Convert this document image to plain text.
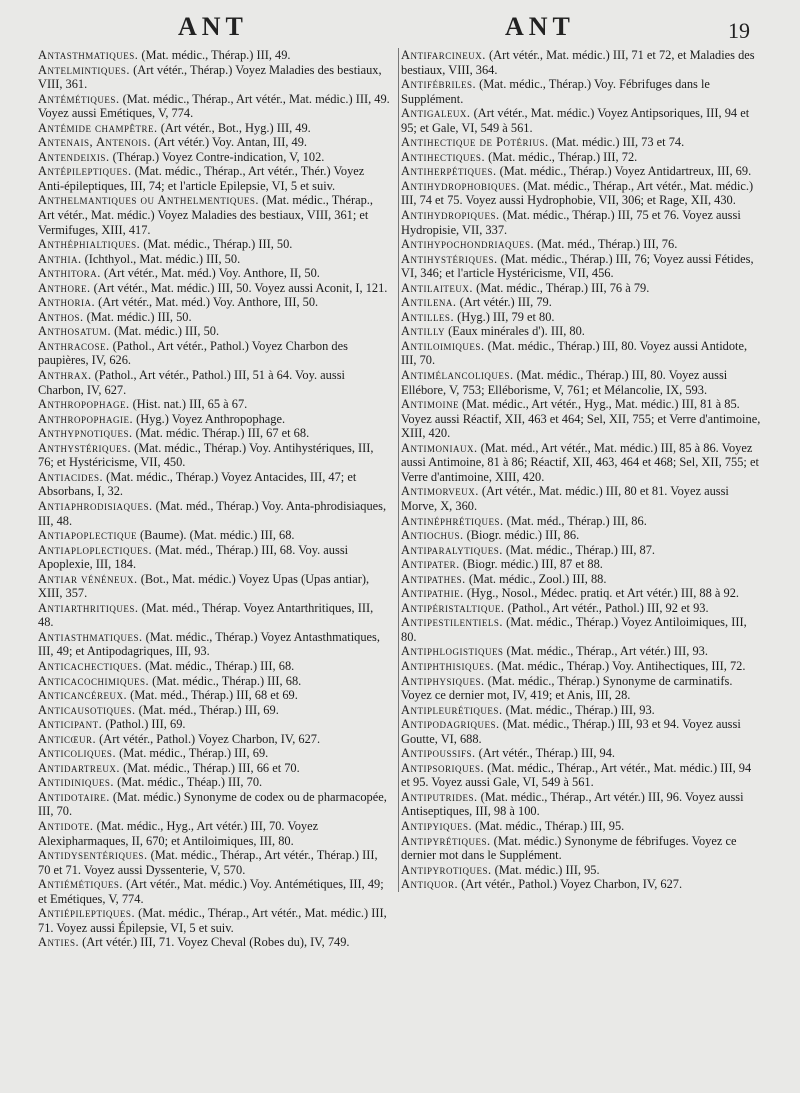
ANT	ANT	19
Antasthmatiques. (Mat. médic., Thérap.) III, 49.
Antelmintiques. (Art vétér., Thérap.) Voyez Maladies des bestiaux, VIII, 361.
Antémétiques. (Mat. médic., Thérap., Art vétér., Mat. médic.) III, 49. Voyez aussi Emétiques, V, 774.
Antémide champêtre. (Art vétér., Bot., Hyg.) III, 49.
Antenais, Antenois. (Art vétér.) Voy. Antan, III, 49.
Antendeixis. (Thérap.) Voyez Contre-indication, V, 102.
Antépileptiques. (Mat. médic., Thérap., Art vétér., Thér.) Voyez Anti-épileptiques, III, 74; et l'article Epilepsie, VI, 5 et suiv.
Anthelmantiques ou Anthelmentiques. (Mat. médic., Thérap., Art vétér., Mat. médic.) Voyez Maladies des bestiaux, VIII, 361; et Vermifuges, XIII, 417.
Anthéphialtiques. (Mat. médic., Thérap.) III, 50.
Anthia. (Ichthyol., Mat. médic.) III, 50.
Anthitora. (Art vétér., Mat. méd.) Voy. Anthore, II, 50.
Anthore. (Art vétér., Mat. médic.) III, 50. Voyez aussi Aconit, I, 121.
Anthoria. (Art vétér., Mat. méd.) Voy. Anthore, III, 50.
Anthos. (Mat. médic.) III, 50.
Anthosatum. (Mat. médic.) III, 50.
Anthracose. (Pathol., Art vétér., Pathol.) Voyez Charbon des paupières, IV, 626.
Anthrax. (Pathol., Art vétér., Pathol.) III, 51 à 64. Voy. aussi Charbon, IV, 627.
Anthropophage. (Hist. nat.) III, 65 à 67.
Anthropophagie. (Hyg.) Voyez Anthropophage.
Anthypnotiques. (Mat. médic. Thérap.) III, 67 et 68.
Anthystériques. (Mat. médic., Thérap.) Voy. Antihystériques, III, 76; et Hystéricisme, VII, 450.
Antiacides. (Mat. médic., Thérap.) Voyez Antacides, III, 47; et Absorbans, I, 32.
Antiaphrodisiaques. (Mat. méd., Thérap.) Voy. Anta-phrodisiaques, III, 48.
Antiapoplectique (Baume). (Mat. médic.) III, 68.
Antiaploplectiques. (Mat. méd., Thérap.) III, 68. Voy. aussi Apoplexie, III, 184.
Antiar vénéneux. (Bot., Mat. médic.) Voyez Upas (Upas antiar), XIII, 357.
Antiarthritiques. (Mat. méd., Thérap. Voyez Antarthritiques, III, 48.
Antiasthmatiques. (Mat. médic., Thérap.) Voyez Antasthmatiques, III, 49; et Antipodagriques, III, 93.
Anticachectiques. (Mat. médic., Thérap.) III, 68.
Anticacochimiques. (Mat. médic., Thérap.) III, 68.
Anticancéreux. (Mat. méd., Thérap.) III, 68 et 69.
Anticausotiques. (Mat. méd., Thérap.) III, 69.
Anticipant. (Pathol.) III, 69.
Anticœur. (Art vétér., Pathol.) Voyez Charbon, IV, 627.
Anticoliques. (Mat. médic., Thérap.) III, 69.
Antidartreux. (Mat. médic., Thérap.) III, 66 et 70.
Antidiniques. (Mat. médic., Théap.) III, 70.
Antidotaire. (Mat. médic.) Synonyme de codex ou de pharmacopée, III, 70.
Antidote. (Mat. médic., Hyg., Art vétér.) III, 70. Voyez Alexipharmaques, II, 670; et Antiloimiques, III, 80.
Antidysentériques. (Mat. médic., Thérap., Art vétér., Thérap.) III, 70 et 71. Voyez aussi Dyssenterie, V, 570.
Antiémétiques. (Art vétér., Mat. médic.) Voy. Antémétiques, III, 49; et Emétiques, V, 774.
Antiépileptiques. (Mat. médic., Thérap., Art vétér., Mat. médic.) III, 71. Voyez aussi Épilepsie, VI, 5 et suiv.
Anties. (Art vétér.) III, 71. Voyez Cheval (Robes du), IV, 749.
Antifarcineux. (Art vétér., Mat. médic.) III, 71 et 72, et Maladies des bestiaux, VIII, 364.
Antifébriles. (Mat. médic., Thérap.) Voy. Fébrifuges dans le Supplément.
Antigaleux. (Art vétér., Mat. médic.) Voyez Antipsoriques, III, 94 et 95; et Gale, VI, 549 à 561.
Antihectique de Potérius. (Mat. médic.) III, 73 et 74.
Antihectiques. (Mat. médic., Thérap.) III, 72.
Antiherpétiques. (Mat. médic., Thérap.) Voyez Antidartreux, III, 69.
Antihydrophobiques. (Mat. médic., Thérap., Art vétér., Mat. médic.) III, 74 et 75. Voyez aussi Hydrophobie, VII, 306; et Rage, XII, 430.
Antihydropiques. (Mat. médic., Thérap.) III, 75 et 76. Voyez aussi Hydropisie, VII, 337.
Antihypochondriaques. (Mat. méd., Thérap.) III, 76.
Antihystériques. (Mat. médic., Thérap.) III, 76; Voyez aussi Fétides, VI, 346; et l'article Hystéricisme, VII, 456.
Antilaiteux. (Mat. médic., Thérap.) III, 76 à 79.
Antilena. (Art vétér.) III, 79.
Antilles. (Hyg.) III, 79 et 80.
Antilly (Eaux minérales d'). III, 80.
Antiloimiques. (Mat. médic., Thérap.) III, 80. Voyez aussi Antidote, III, 70.
Antimélancoliques. (Mat. médic., Thérap.) III, 80. Voyez aussi Ellébore, V, 753; Elléborisme, V, 761; et Mélancolie, IX, 593.
Antimoine (Mat. médic., Art vétér., Hyg., Mat. médic.) III, 81 à 85. Voyez aussi Réactif, XII, 463 et 464; Sel, XII, 755; et Verre d'antimoine, XIII, 420.
Antimoniaux. (Mat. méd., Art vétér., Mat. médic.) III, 85 à 86. Voyez aussi Antimoine, 81 à 86; Réactif, XII, 463, 464 et 468; Sel, XII, 755; et Verre d'antimoine, XIII, 420.
Antimorveux. (Art vétér., Mat. médic.) III, 80 et 81. Voyez aussi Morve, X, 360.
Antinéphrétiques. (Mat. méd., Thérap.) III, 86.
Antiochus. (Biogr. médic.) III, 86.
Antiparalytiques. (Mat. médic., Thérap.) III, 87.
Antipater. (Biogr. médic.) III, 87 et 88.
Antipathes. (Mat. médic., Zool.) III, 88.
Antipathie. (Hyg., Nosol., Médec. pratiq. et Art vétér.) III, 88 à 92.
Antipéristaltique. (Pathol., Art vétér., Pathol.) III, 92 et 93.
Antipestilentiels. (Mat. médic., Thérap.) Voyez Antiloimiques, III, 80.
Antiphlogistiques (Mat. médic., Thérap., Art vétér.) III, 93.
Antiphthisiques. (Mat. médic., Thérap.) Voy. Antihectiques, III, 72.
Antiphysiques. (Mat. médic., Thérap.) Synonyme de carminatifs. Voyez ce dernier mot, IV, 419; et Anis, III, 28.
Antipleurétiques. (Mat. médic., Thérap.) III, 93.
Antipodagriques. (Mat. médic., Thérap.) III, 93 et 94. Voyez aussi Goutte, VI, 688.
Antipoussifs. (Art vétér., Thérap.) III, 94.
Antipsoriques. (Mat. médic., Thérap., Art vétér., Mat. médic.) III, 94 et 95. Voyez aussi Gale, VI, 549 à 561.
Antiputrides. (Mat. médic., Thérap., Art vétér.) III, 96. Voyez aussi Antiseptiques, III, 98 à 100.
Antipyiques. (Mat. médic., Thérap.) III, 95.
Antipyrétiques. (Mat. médic.) Synonyme de fébrifuges. Voyez ce dernier mot dans le Supplément.
Antipyrotiques. (Mat. médic.) III, 95.
Antiquor. (Art vétér., Pathol.) Voyez Charbon, IV, 627.
